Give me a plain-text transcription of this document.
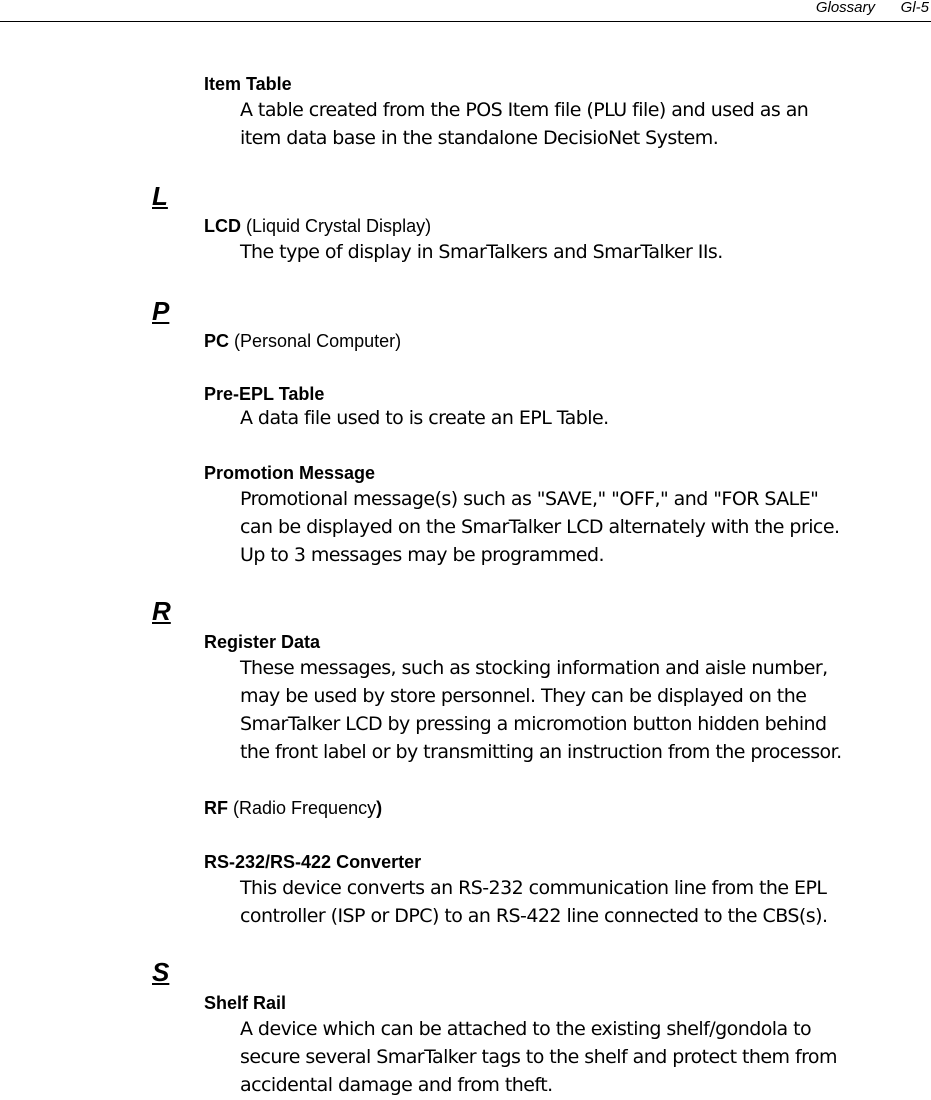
Glossary Gl-5
Item Table
A table created from the POS Item file (PLU file) and used as an
item data base in the standalone DecisioNet System.
L
LCD (Liquid Crystal Display)
The type of display in SmarTalkers and SmarTalker IIs.
P
PC (Personal Computer)
Pre-EPL Table
A data file used to is create an EPL Table.
Promotion Message
Promotional message(s) such as "SAVE," "OFF," and "FOR SALE"
can be displayed on the SmarTalker LCD alternately with the price.
Up to 3 messages may be programmed.
R
Register Data
These messages, such as stocking information and aisle number,
may be used by store personnel. They can be displayed on the
SmarTalker LCD by pressing a micromotion button hidden behind
the front label or by transmitting an instruction from the processor.
RF (Radio Frequency)
RS-232/RS-422 Converter
This device converts an RS-232 communication line from the EPL
controller (ISP or DPC) to an RS-422 line connected to the CBS(s).
S
Shelf Rail
A device which can be attached to the existing shelf/gondola to
secure several SmarTalker tags to the shelf and protect them from
accidental damage and from theft.
